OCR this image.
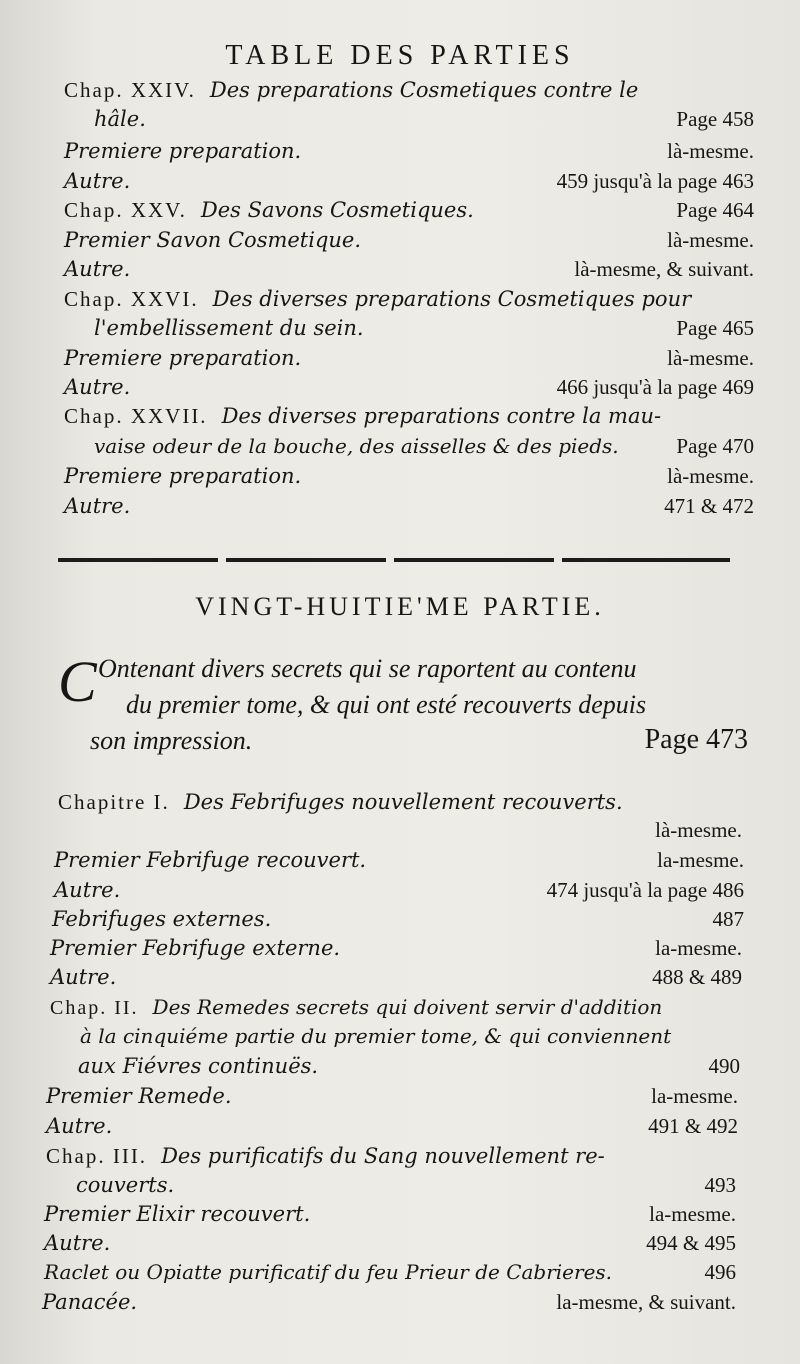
TABLE DES PARTIES
Chap. XXIV. Des preparations Cosmetiques contre le
hâle.	Page 458
Premiere preparation.	là-mesme.
Autre.	459 jusqu'à la page 463
Chap. XXV. Des Savons Cosmetiques.	Page 464
Premier Savon Cosmetique.	là-mesme.
Autre.	là-mesme, & suivant.
Chap. XXVI. Des diverses preparations Cosmetiques pour
l'embellissement du sein.	Page 465
Premiere preparation.	là-mesme.
Autre.	466 jusqu'à la page 469
Chap. XXVII. Des diverses preparations contre la mau-
vaise odeur de la bouche, des aisselles & des pieds.	Page 470
Premiere preparation.	là-mesme.
Autre.	471 & 472
VINGT-HUITIE'ME PARTIE.
C Ontenant divers secrets qui se raportent au contenu
du premier tome, & qui ont esté recouverts depuis
son impression.	Page 473
Chapitre I. Des Febrifuges nouvellement recouverts.
là-mesme.
Premier Febrifuge recouvert.	la-mesme.
Autre.	474 jusqu'à la page 486
Febrifuges externes.	487
Premier Febrifuge externe.	la-mesme.
Autre.	488 & 489
Chap. II. Des Remedes secrets qui doivent servir d'addition
à la cinquiéme partie du premier tome, & qui conviennent
aux Fiévres continuës.	490
Premier Remede.	la-mesme.
Autre.	491 & 492
Chap. III. Des purificatifs du Sang nouvellement re-
couverts.	493
Premier Elixir recouvert.	la-mesme.
Autre.	494 & 495
Raclet ou Opiatte purificatif du feu Prieur de Cabrieres.	496
Panacée.	la-mesme, & suivant.
